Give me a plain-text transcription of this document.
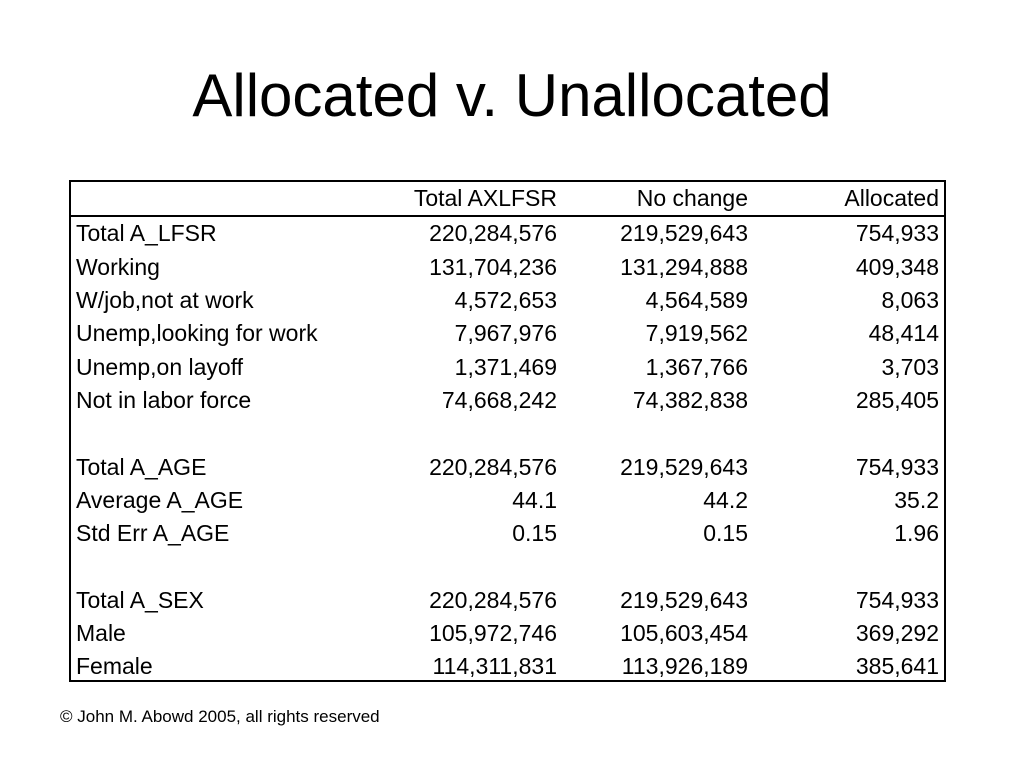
Allocated v. Unallocated
	Total AXLFSR	No change	Allocated
Total A_LFSR	220,284,576	219,529,643	754,933
Working	131,704,236	131,294,888	409,348
W/job,not at work	4,572,653	4,564,589	8,063
Unemp,looking for work	7,967,976	7,919,562	48,414
Unemp,on layoff	1,371,469	1,367,766	3,703
Not in labor force	74,668,242	74,382,838	285,405

Total A_AGE	220,284,576	219,529,643	754,933
Average A_AGE	44.1	44.2	35.2
Std Err A_AGE	0.15	0.15	1.96

Total A_SEX	220,284,576	219,529,643	754,933
Male	105,972,746	105,603,454	369,292
Female	114,311,831	113,926,189	385,641
© John M. Abowd 2005, all rights reserved
